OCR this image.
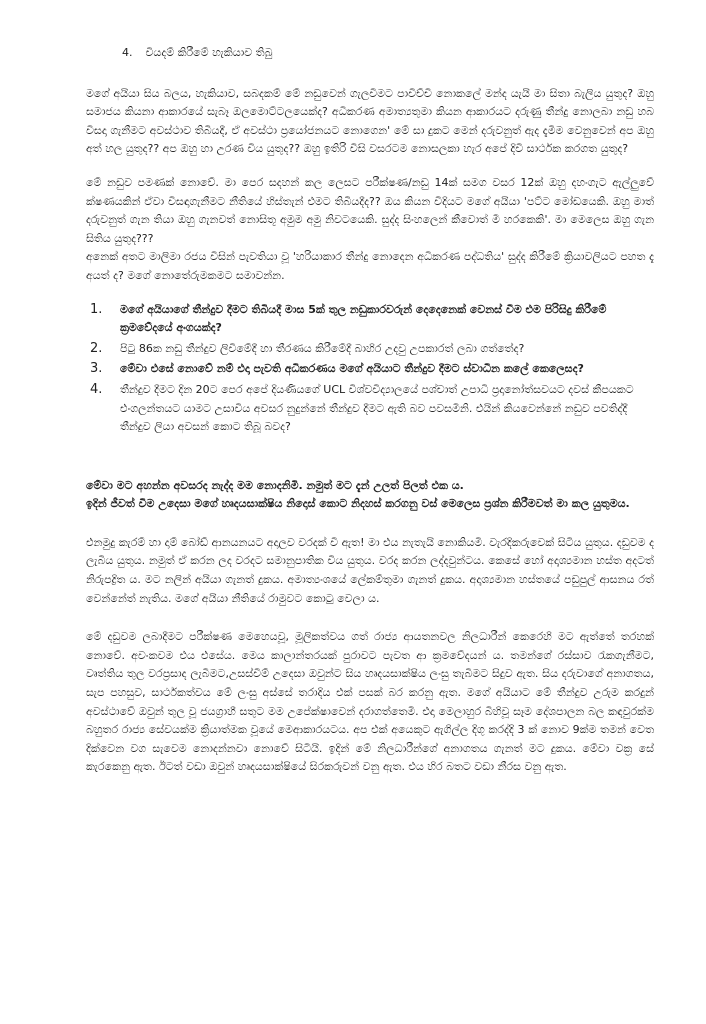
4. වියදම් කිරීමේ හැකියාව තිබු

මගේ අයියා සිය බලය, හැකියාව, සබදකම් මේ නඩුවෙන් ගැලවීමට පාවිච්චි නොකලේ මන්ද යැයි මා සිතා බැලිය යුතුද? ඔහු සමාජය කියනා ආකාරයේ සැබෑ ඔලමොට්ටලයෙක්ද? අධිකරණ අමාත්‍යතුමා කියන ආකාරයට දරුණු තීන්දු නොලබා නඩු හබ විසදා ගැනීමට අවස්ථාව තිබියදී, ඒ අවස්ථා ප්‍රයෝජනයට නොගෙන' මේ සා දුකට මෙන් දරුවනුත් ඇද දැමීම වෙනුවෙන් අප ඔහු අත් හල යුතුද?? අප ඔහු හා උරණ විය යුතුද?? ඔහු ඉතිරි විසි වසරටම නොසලකා හැර අපේ දිවි සාර්ථක කරගත යුතුද?

මේ නඩුව පමණක් නොවේ. මා පෙර සදහන් කල ලෙසට පරීක්ෂණ/නඩු 14ක් සමග වසර 12ක් ඔහු දහංගැට ඇල්ලුවේ ක්ෂණයකින් ඒවා විසඳාගැනීමට නීතියේ හිස්තැන් එමට තිබියදීද?? ඔය කියන විදියට මගේ අයියා 'පට්ට මෝඩයෙකි. ඔහු මාත් දරුවනුත් ගැන තියා ඔහු ගැනවත් නොසිතූ අමුම අමු නිවටයෙකි. සුද්ද සිංහලෙන් කීවොත් මී හරකෙකි'. මා මෙලෙස ඔහු ගැන සිතිය යුතුද???

අනෙක් අතට මාලිමා රජය විසින් පැවතියා වූ 'හරියාකාර තීන්දු නොදෙන අධිකරණ පද්ධතිය' සුද්ද කිරීමේ ක්‍රියාවලියට පහත දැ අයත් ද? මගේ නොතේරුමකමට සමාවන්න.

1.	මගේ අයියාගේ තීන්දුව දීමට තිබියදී මාස 5ක් තුල නඩුකාරවරුන් දෙදෙනෙක් වෙනස් වීම එම පිරිසිදු කිරීමේ ක්‍රමවේදයේ අංගයක්ද?
2.	පිටු 86ක නඩු තීන්දුව ලිවීමේදී හා තීරණය කිරීමේදී බාහිර උදවු උපකාරත් ලබා ගත්තේද?
3.	මේවා එසේ නොවේ නම් එදා පැවති අධිකරණය මගේ අයියාට තීන්දුව දීමට ස්වාධීන කලේ කෙලෙසද?
4.	තීන්දුව දීමට දින 20ට පෙර අපේ දියණියගේ UCL විශ්වවිද්‍යාලයේ පශ්චාත් උපාධි ප්‍රදානෝත්සවයට දවස් කීපයකට එංගලන්තයට යාමට උසාවිය අවසර නුදුන්නේ තීන්දුව දීමට ඇති බව පවසමිනි. එයින් කියවෙන්නේ නඩුව පවතිද්දී තීන්දුව ලියා අවසන් කොට තිබූ බවද?
මේවා මට අහන්න අවසරද නැද්ද මම නොදනිමි. නමුත් මට දැන් උලත් පිලත් එක ය.

ඉදින් ජීවත් වීම උදෙසා මගේ හෘදයසාක්ෂිය නිදොස් කොට නිදහස් කරගනු වස් මෙලෙස ප්‍රශ්න කිරීමවත් මා කල යුතුමය.

එනමුදු කැරම් හා දාම් බෝඩ් ආනයනයට අදාලව වරදක් වී ඇත! මා එය නැතැයි නොකියමි. වැරදිකරුවෙක් සිටිය යුතුය. දඩුවම ද ලැබිය යුතුය. නමුත් ඒ කරන ලද වරදට සමානුපාතික විය යුතුය. වරද කරන ලද්දවුන්ටය. කෙසේ හෝ අදෘශ්‍යමාන හස්ත අදටත් නිරුපද්‍රිත ය. මට නලින් අයියා ගැනත් දුකය. අමාත්‍යංශයේ ලේකම්තුමා ගැනත් දුකය. අදෘශ්‍යමාන හස්තයේ පඩුපුල් ආසනය රත් වෙන්නේත් නැතිය. මගේ අයියා නීතියේ රාමුවට කොටු වෙලා ය.

මේ දඩුවම ලබාදීමට පරීක්ෂණ මෙහෙයවූ, මූලිකත්වය ගත් රාජ්‍ය ආයතනවල නිලධාරීන් කෙරෙහි මට ඇත්තේ තරහක් නොවේ. අවංකවම එය එසේය. මෙය කාලාන්තරයක් පුරාවට පැවත ආ ක්‍රමවේදයන් ය. තමන්ගේ රස්සාව රැකගැනීමට, වෘත්තිය තුල වරප්‍රසාද ලැබීමට,උසස්වීම් උදෙසා ඔවුන්ට සිය හෘදයසාක්ෂිය ලංසු තැබීමට සිදුව ඇත. සිය දරුවාගේ අනාගතය, සැප පහසුව, සාර්ථකත්වය මේ ලංසු අස්සේ තරාදිය එක් පසක් බර කරනු ඇත. මගේ අයියාට මේ තීන්දුව උරුම කරදුන් අවස්ථාවේ ඔවුන් තුල වූ ජයග්‍රාහී සතුට මම උපේක්ෂාවෙන් දරාගත්තෙමි. එදා මෙලාහුර බිහිවූ සෑම දේශපාලන බල කඳවුරක්ම බහුතර රාජ්‍ය සේවයක්ම ක්‍රියාත්මක වූයේ මෙආකාරයටය. අප එක් අයෙකුට ඇගිල්ල දිගු කරද්දි 3 ක් නොව 9ක්ම තමන් වෙත දික්වෙන වග සැවෙම නොදන්නවා නොවේ සිටියි. ඉදින් මේ නිලධාරීන්ගේ අනාගතය ගැනත් මට දුකය. මේවා වක්‍ර සේ කැරකෙනු ඇත. ඊටත් වඩා ඔවුන් හෘදයසාක්ෂියේ සිරකරුවන් වනු ඇත. එය හිර බතට වඩා නීරස වනු ඇත.
